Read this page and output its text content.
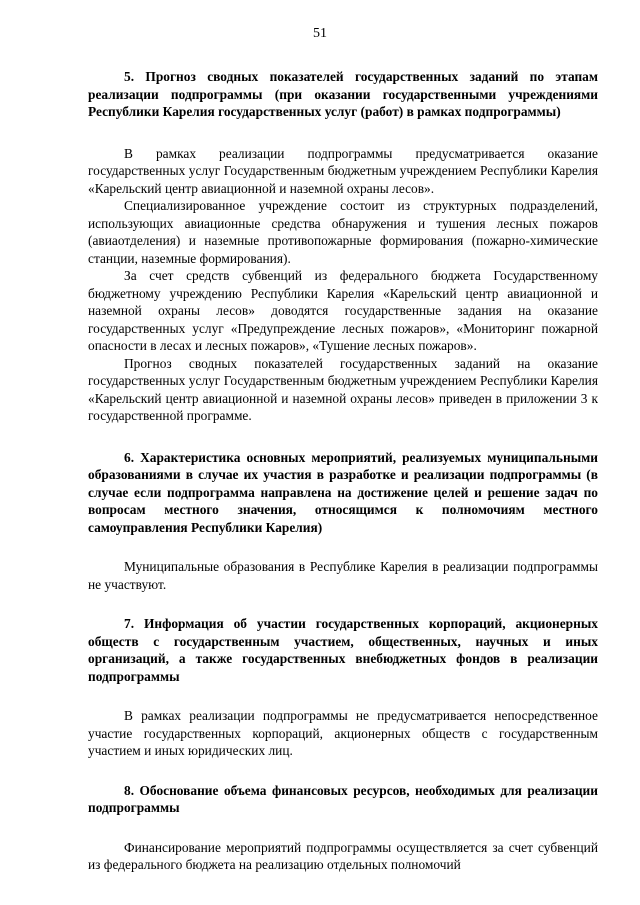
51

5. Прогноз сводных показателей государственных заданий по этапам реализации подпрограммы (при оказании государственными учреждениями Республики Карелия государственных услуг (работ) в рамках подпрограммы)

В рамках реализации подпрограммы предусматривается оказание государственных услуг Государственным бюджетным учреждением Республики Карелия «Карельский центр авиационной и наземной охраны лесов».

Специализированное учреждение состоит из структурных подразделений, использующих авиационные средства обнаружения и тушения лесных пожаров (авиаотделения) и наземные противопожарные формирования (пожарно-химические станции, наземные формирования).

За счет средств субвенций из федерального бюджета Государственному бюджетному учреждению Республики Карелия «Карельский центр авиационной и наземной охраны лесов» доводятся государственные задания на оказание государственных услуг «Предупреждение лесных пожаров», «Мониторинг пожарной опасности в лесах и лесных пожаров», «Тушение лесных пожаров».

Прогноз сводных показателей государственных заданий на оказание государственных услуг Государственным бюджетным учреждением Республики Карелия «Карельский центр авиационной и наземной охраны лесов» приведен в приложении 3 к государственной программе.

6. Характеристика основных мероприятий, реализуемых муниципальными образованиями в случае их участия в разработке и реализации подпрограммы (в случае если подпрограмма направлена на достижение целей и решение задач по вопросам местного значения, относящимся к полномочиям местного самоуправления Республики Карелия)

Муниципальные образования в Республике Карелия в реализации подпрограммы не участвуют.

7. Информация об участии государственных корпораций, акционерных обществ с государственным участием, общественных, научных и иных организаций, а также государственных внебюджетных фондов в реализации подпрограммы

В рамках реализации подпрограммы не предусматривается непосредственное участие государственных корпораций, акционерных обществ с государственным участием и иных юридических лиц.

8. Обоснование объема финансовых ресурсов, необходимых для реализации подпрограммы

Финансирование мероприятий подпрограммы осуществляется за счет субвенций из федерального бюджета на реализацию отдельных полномочий
